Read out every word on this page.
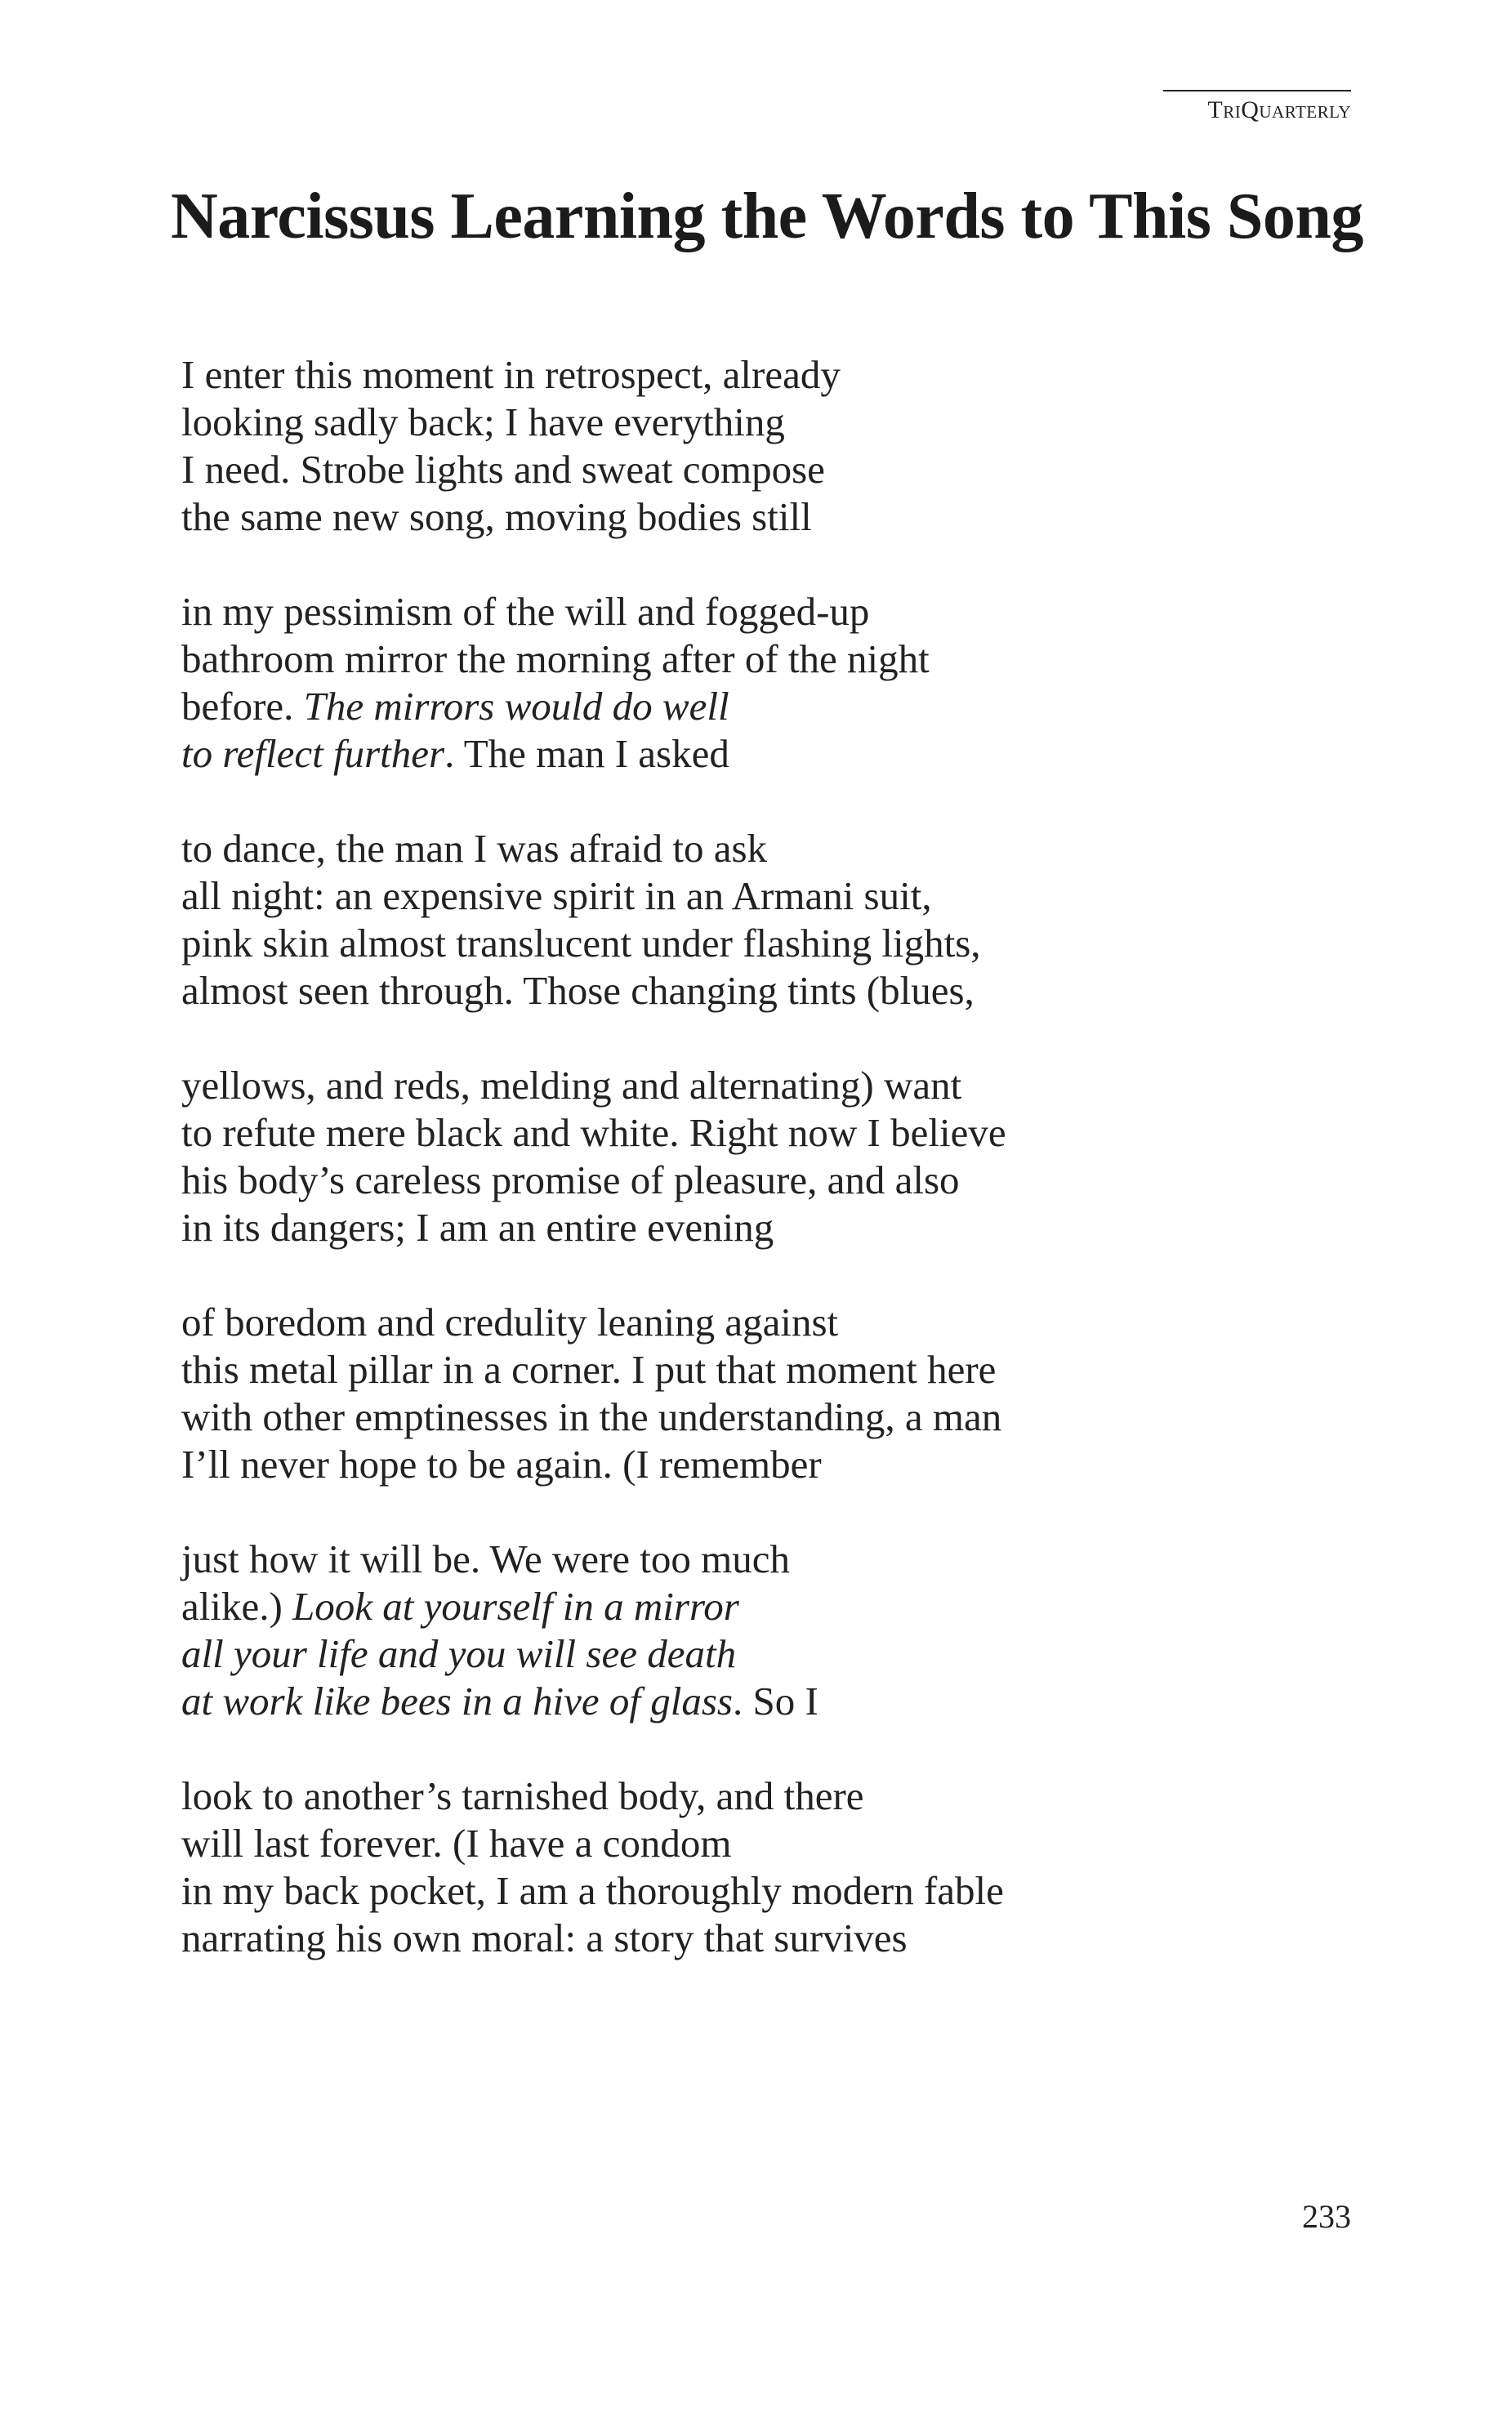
TriQuarterly
Narcissus Learning the Words to This Song
I enter this moment in retrospect, already
looking sadly back; I have everything
I need. Strobe lights and sweat compose
the same new song, moving bodies still
in my pessimism of the will and fogged-up
bathroom mirror the morning after of the night
before. The mirrors would do well
to reflect further. The man I asked
to dance, the man I was afraid to ask
all night: an expensive spirit in an Armani suit,
pink skin almost translucent under flashing lights,
almost seen through. Those changing tints (blues,
yellows, and reds, melding and alternating) want
to refute mere black and white. Right now I believe
his body’s careless promise of pleasure, and also
in its dangers; I am an entire evening
of boredom and credulity leaning against
this metal pillar in a corner. I put that moment here
with other emptinesses in the understanding, a man
I’ll never hope to be again. (I remember
just how it will be. We were too much
alike.) Look at yourself in a mirror
all your life and you will see death
at work like bees in a hive of glass. So I
look to another’s tarnished body, and there
will last forever. (I have a condom
in my back pocket, I am a thoroughly modern fable
narrating his own moral: a story that survives
233
